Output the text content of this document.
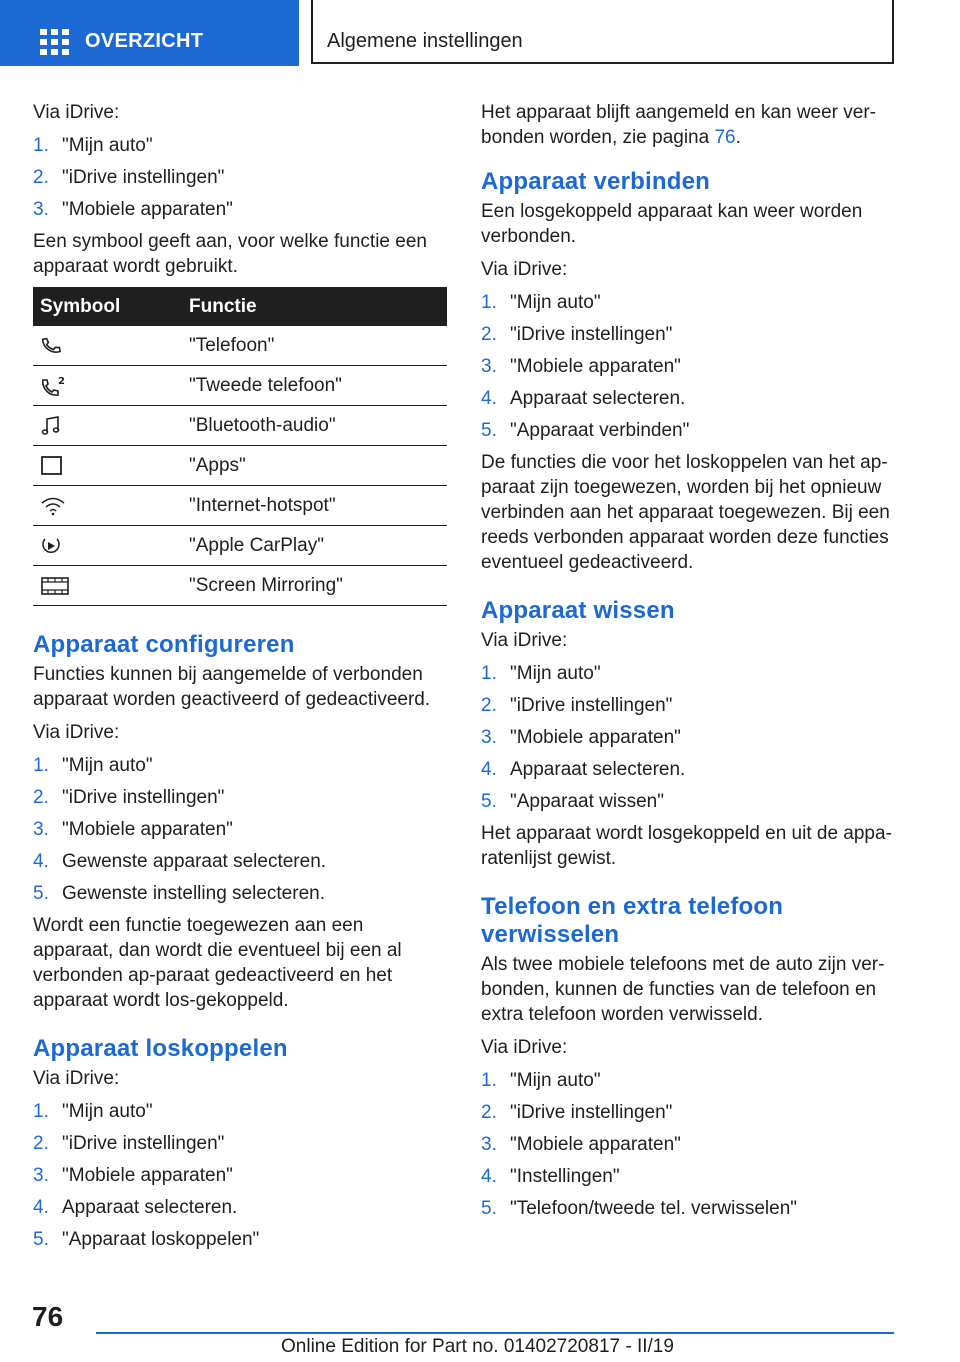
OVERZICHT	Algemene instellingen

Via iDrive:

1. "Mijn auto"
2. "iDrive instellingen"
3. "Mobiele apparaten"

Een symbool geeft aan, voor welke functie een apparaat wordt gebruikt.

Symbool	Functie

	"Telefoon"

2	"Tweede telefoon"

	"Bluetooth-audio"

	"Apps"

	"Internet-hotspot"

	"Apple CarPlay"

	"Screen Mirroring"
Apparaat configureren

Functies kunnen bij aangemelde of verbonden apparaat worden geactiveerd of gedeactiveerd.

Via iDrive:

1. "Mijn auto"
2. "iDrive instellingen"
3. "Mobiele apparaten"
4. Gewenste apparaat selecteren.
5. Gewenste instelling selecteren.

Wordt een functie toegewezen aan een apparaat, dan wordt die eventueel bij een al verbonden ap-paraat gedeactiveerd en het apparaat wordt los-gekoppeld.

Apparaat loskoppelen

Via iDrive:

1. "Mijn auto"
2. "iDrive instellingen"
3. "Mobiele apparaten"
4. Apparaat selecteren.
5. "Apparaat loskoppelen"

Het apparaat blijft aangemeld en kan weer ver-bonden worden, zie pagina 76.

Apparaat verbinden

Een losgekoppeld apparaat kan weer worden verbonden.

Via iDrive:

1. "Mijn auto"
2. "iDrive instellingen"
3. "Mobiele apparaten"
4. Apparaat selecteren.
5. "Apparaat verbinden"

De functies die voor het loskoppelen van het ap-paraat zijn toegewezen, worden bij het opnieuw verbinden aan het apparaat toegewezen. Bij een reeds verbonden apparaat worden deze functies eventueel gedeactiveerd.

Apparaat wissen

Via iDrive:

1. "Mijn auto"
2. "iDrive instellingen"
3. "Mobiele apparaten"
4. Apparaat selecteren.
5. "Apparaat wissen"

Het apparaat wordt losgekoppeld en uit de appa-ratenlijst gewist.

Telefoon en extra telefoon verwisselen

Als twee mobiele telefoons met de auto zijn ver-bonden, kunnen de functies van de telefoon en extra telefoon worden verwisseld.

Via iDrive:

1. "Mijn auto"
2. "iDrive instellingen"
3. "Mobiele apparaten"
4. "Instellingen"
5. "Telefoon/tweede tel. verwisselen"
76
Online Edition for Part no. 01402720817 - II/19
